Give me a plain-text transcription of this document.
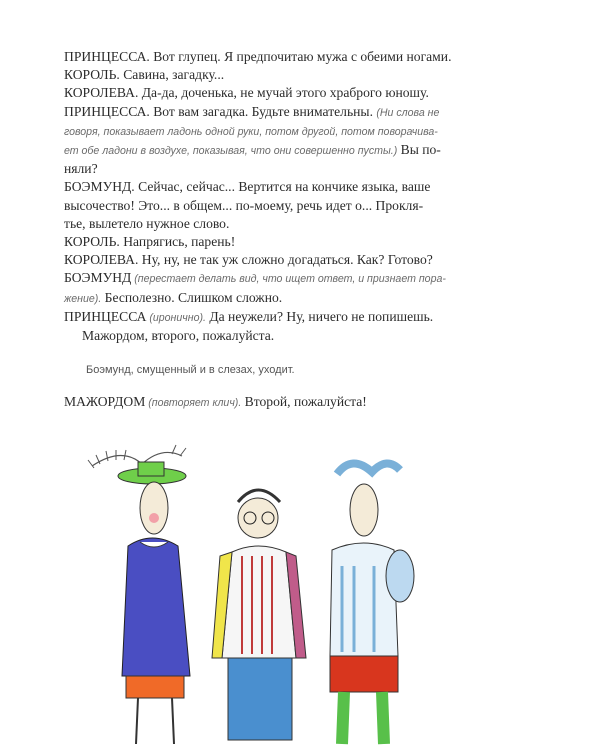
ПРИНЦЕССА. Вот глупец. Я предпочитаю мужа с обеими ногами.
КОРОЛЬ. Савина, загадку...
КОРОЛЕВА. Да-да, доченька, не мучай этого храброго юношу.
ПРИНЦЕССА. Вот вам загадка. Будьте внимательны. (Ни слова не
говоря, показывает ладонь одной руки, потом другой, потом поворачива-
ет обе ладони в воздухе, показывая, что они совершенно пусты.) Вы по-
няли?
БОЭМУНД. Сейчас, сейчас... Вертится на кончике языка, ваше
высочество! Это... в общем... по-моему, речь идет о... Прокля-
тье, вылетело нужное слово.
КОРОЛЬ. Напрягись, парень!
КОРОЛЕВА. Ну, ну, не так уж сложно догадаться. Как? Готово?
БОЭМУНД (перестает делать вид, что ищет ответ, и признает пора-
жение). Бесполезно. Слишком сложно.
ПРИНЦЕССА (иронично). Да неужели? Ну, ничего не попишешь.
Мажордом, второго, пожалуйста.
Боэмунд, смущенный и в слезах, уходит.
МАЖОРДОМ (повторяет клич). Второй, пожалуйста!
